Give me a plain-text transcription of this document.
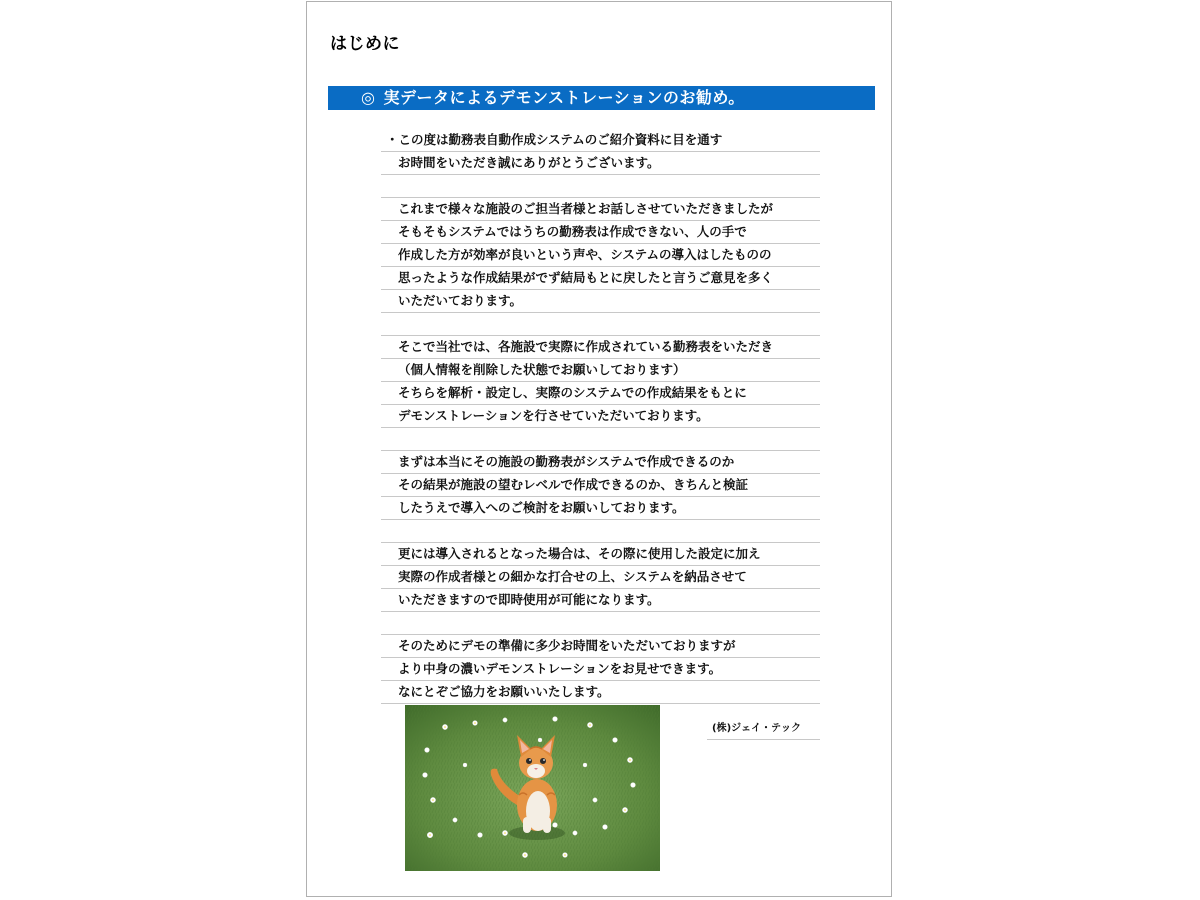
はじめに
◎ 実データによるデモンストレーションのお勧め。
・この度は勤務表自動作成システムのご紹介資料に目を通す
お時間をいただき誠にありがとうございます。
これまで様々な施設のご担当者様とお話しさせていただきましたが
そもそもシステムではうちの勤務表は作成できない、人の手で
作成した方が効率が良いという声や、システムの導入はしたものの
思ったような作成結果がでず結局もとに戻したと言うご意見を多く
いただいております。
そこで当社では、各施設で実際に作成されている勤務表をいただき
（個人情報を削除した状態でお願いしております）
そちらを解析・設定し、実際のシステムでの作成結果をもとに
デモンストレーションを行させていただいております。
まずは本当にその施設の勤務表がシステムで作成できるのか
その結果が施設の望むレベルで作成できるのか、きちんと検証
したうえで導入へのご検討をお願いしております。
更には導入されるとなった場合は、その際に使用した設定に加え
実際の作成者様との細かな打合せの上、システムを納品させて
いただきますので即時使用が可能になります。
そのためにデモの準備に多少お時間をいただいておりますが
より中身の濃いデモンストレーションをお見せできます。
なにとぞご協力をお願いいたします。
(株)ジェイ・テック
